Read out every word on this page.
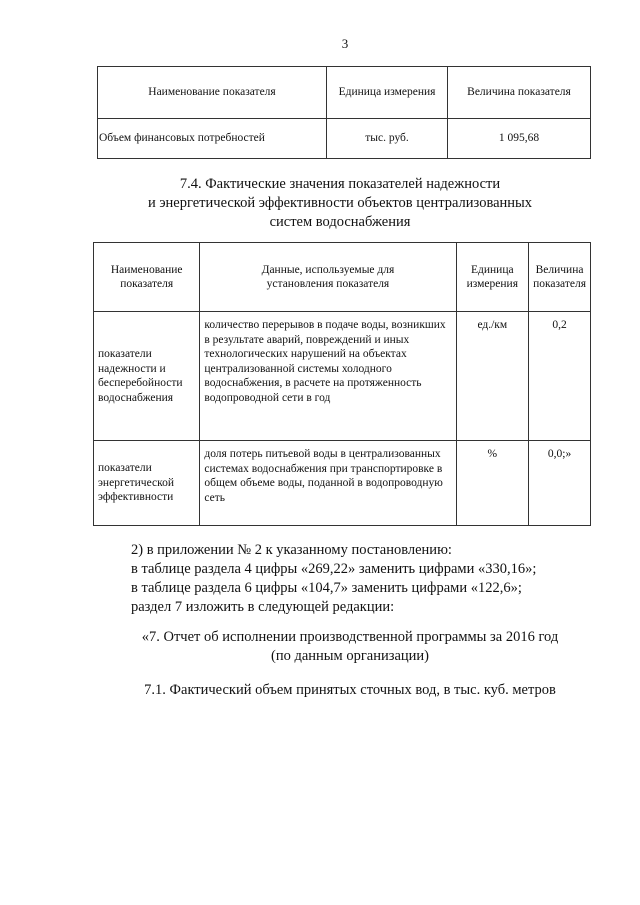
3
Наименование показателя	Единица измерения	Величина показателя
Объем финансовых потребностей	тыс. руб.	1 095,68
7.4. Фактические значения показателей надежности
и энергетической эффективности объектов централизованных
систем водоснабжения
Наименование показателя	Данные, используемые для установления показателя	Единица измерения	Величина показателя
показатели надежности и бесперебойности водоснабжения	количество перерывов в подаче воды, возникших в результате аварий, повреждений и иных технологических нарушений на объектах централизованной системы холодного водоснабжения, в расчете на протяженность водопроводной сети в год	ед./км	0,2
показатели энергетической эффективности	доля потерь питьевой воды в централизованных системах водоснабжения при транспортировке в общем объеме воды, поданной в водопроводную сеть	%	0,0;»
2) в приложении № 2 к указанному постановлению:
в таблице раздела 4 цифры «269,22» заменить цифрами «330,16»;
в таблице раздела 6 цифры «104,7» заменить цифрами «122,6»;
раздел 7 изложить в следующей редакции:
«7. Отчет об исполнении производственной программы за 2016 год
(по данным организации)
7.1. Фактический объем принятых сточных вод, в тыс. куб. метров
